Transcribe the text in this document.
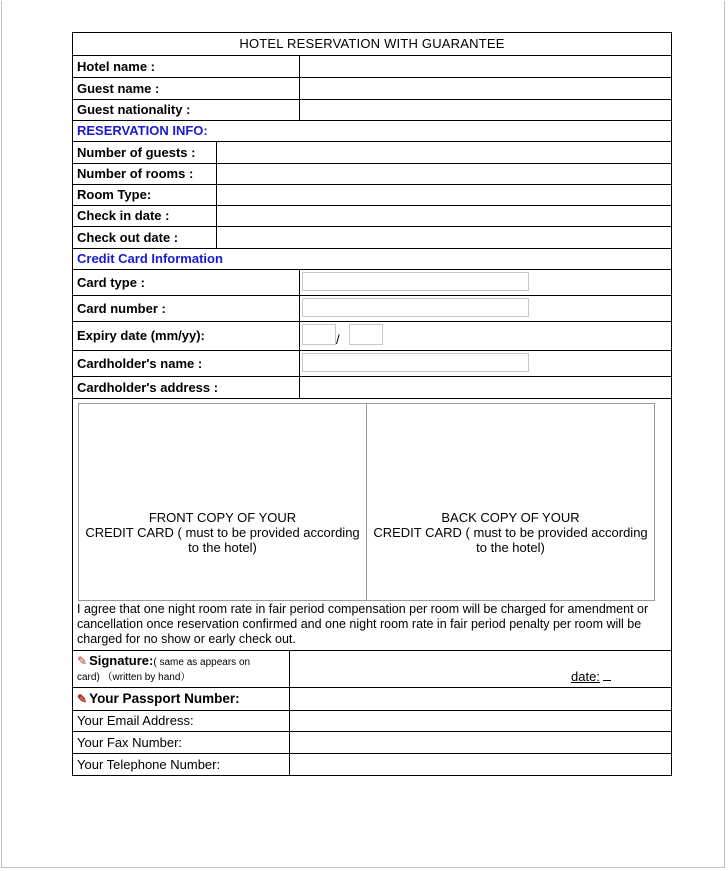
HOTEL RESERVATION WITH GUARANTEE
Hotel name :
Guest name :
Guest nationality :
RESERVATION INFO:
Number of guests :
Number of rooms :
Room Type:
Check in date :
Check out date :
Credit Card Information
Card type :
Card number :
Expiry date (mm/yy):	/
Cardholder's name :
Cardholder's address :
FRONT COPY OF YOUR
CREDIT CARD ( must to be provided according
to the hotel)
BACK COPY OF YOUR
CREDIT CARD ( must to be provided according
to the hotel)
I agree that one night room rate in fair period compensation per room will be charged for amendment or cancellation once reservation confirmed and one night room rate in fair period penalty per room will be charged for no show or early check out.
✎ Signature:( same as appears on
card) （written by hand）	date:
✎ Your Passport Number:
Your Email Address:
Your Fax Number:
Your Telephone Number:
